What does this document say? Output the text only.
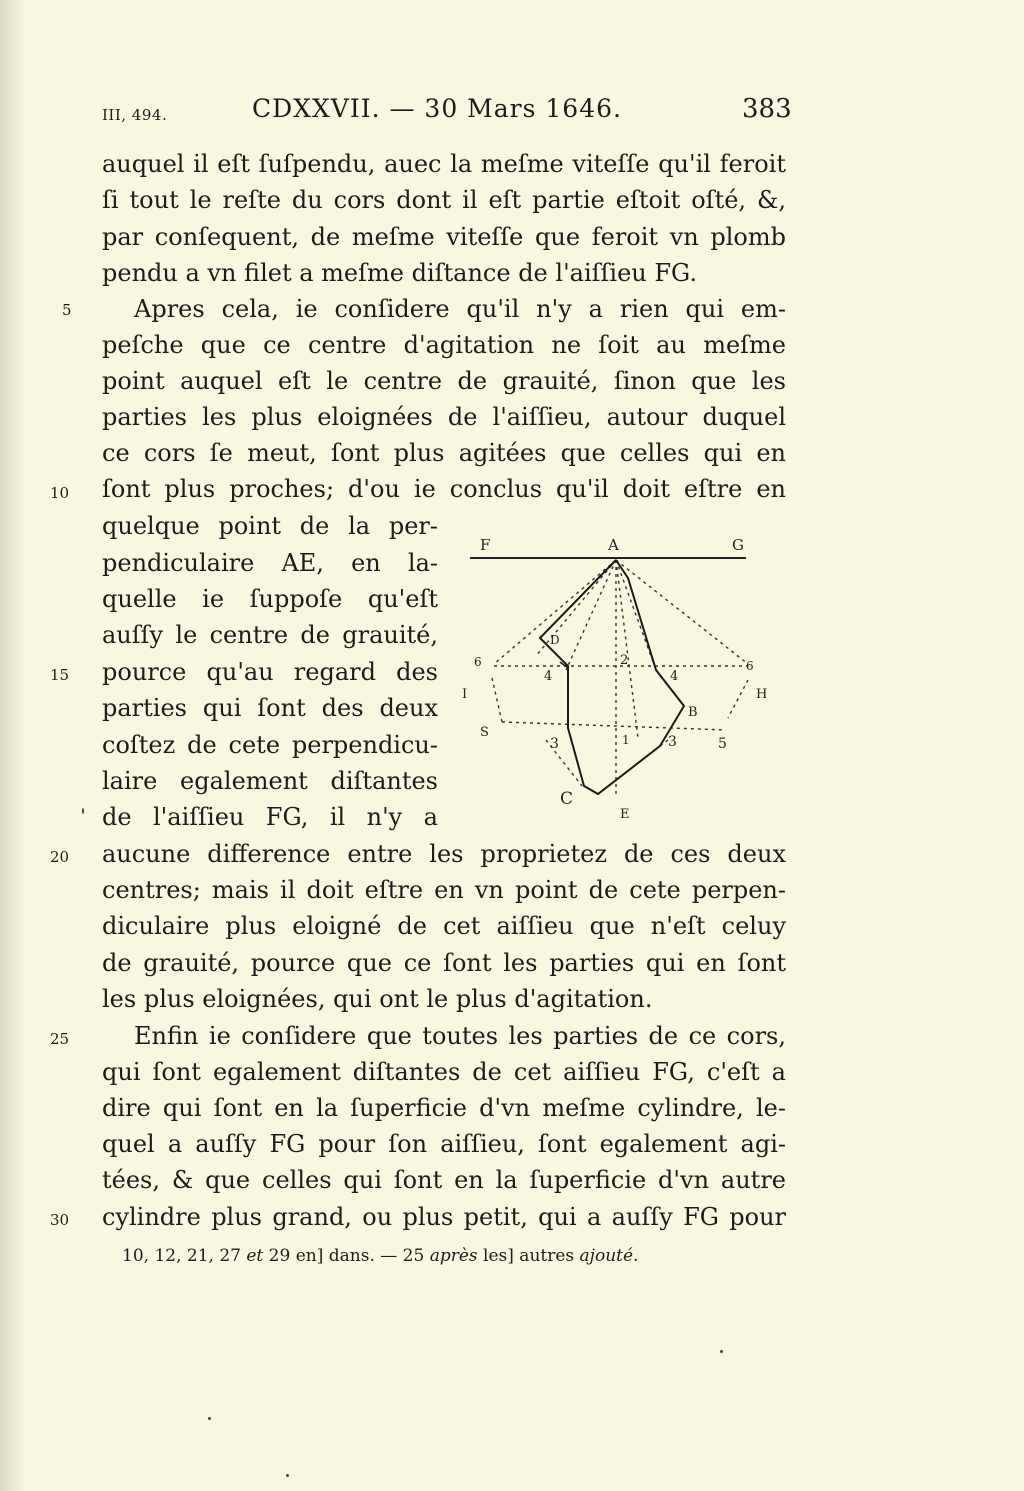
III, 494.	CDXXVII. — 30 Mars 1646.	383
auquel il eſt ſuſpendu, auec la meſme viteſſe qu'il feroit
ſi tout le reſte du cors dont il eſt partie eſtoit oſté, &,
par conſequent, de meſme viteſſe que feroit vn plomb
pendu a vn filet a meſme diſtance de l'aiſſieu FG.
Apres cela, ie conſidere qu'il n'y a rien qui em-
peſche que ce centre d'agitation ne ſoit au meſme
point auquel eſt le centre de grauité, ſinon que les
parties les plus eloignées de l'aiſſieu, autour duquel
ce cors ſe meut, ſont plus agitées que celles qui en
ſont plus proches; d'ou ie conclus qu'il doit eſtre en
quelque point de la per-
pendiculaire AE, en la-
quelle ie ſuppoſe qu'eſt
auſſy le centre de grauité,
pource qu'au regard des
parties qui ſont des deux
coſtez de cete perpendicu-
laire egalement diſtantes
de l'aiſſieu FG, il n'y a
aucune difference entre les proprietez de ces deux
centres; mais il doit eſtre en vn point de cete perpen-
diculaire plus eloigné de cet aiſſieu que n'eſt celuy
de grauité, pource que ce ſont les parties qui en ſont
les plus eloignées, qui ont le plus d'agitation.
Enfin ie conſidere que toutes les parties de ce cors,
qui ſont egalement diſtantes de cet aiſſieu FG, c'eſt a
dire qui ſont en la ſuperficie d'vn meſme cylindre, le-
quel a auſſy FG pour ſon aiſſieu, ſont egalement agi-
tées, & que celles qui ſont en la ſuperficie d'vn autre
cylindre plus grand, ou plus petit, qui a auſſy FG pour
5
10
15
20
25
30
F	A	G
D
6	6
4	4
2
I	H
B
S
3	1	3	5
C
E
10, 12, 21, 27 et 29 en] dans. — 25 après les] autres ajouté.
